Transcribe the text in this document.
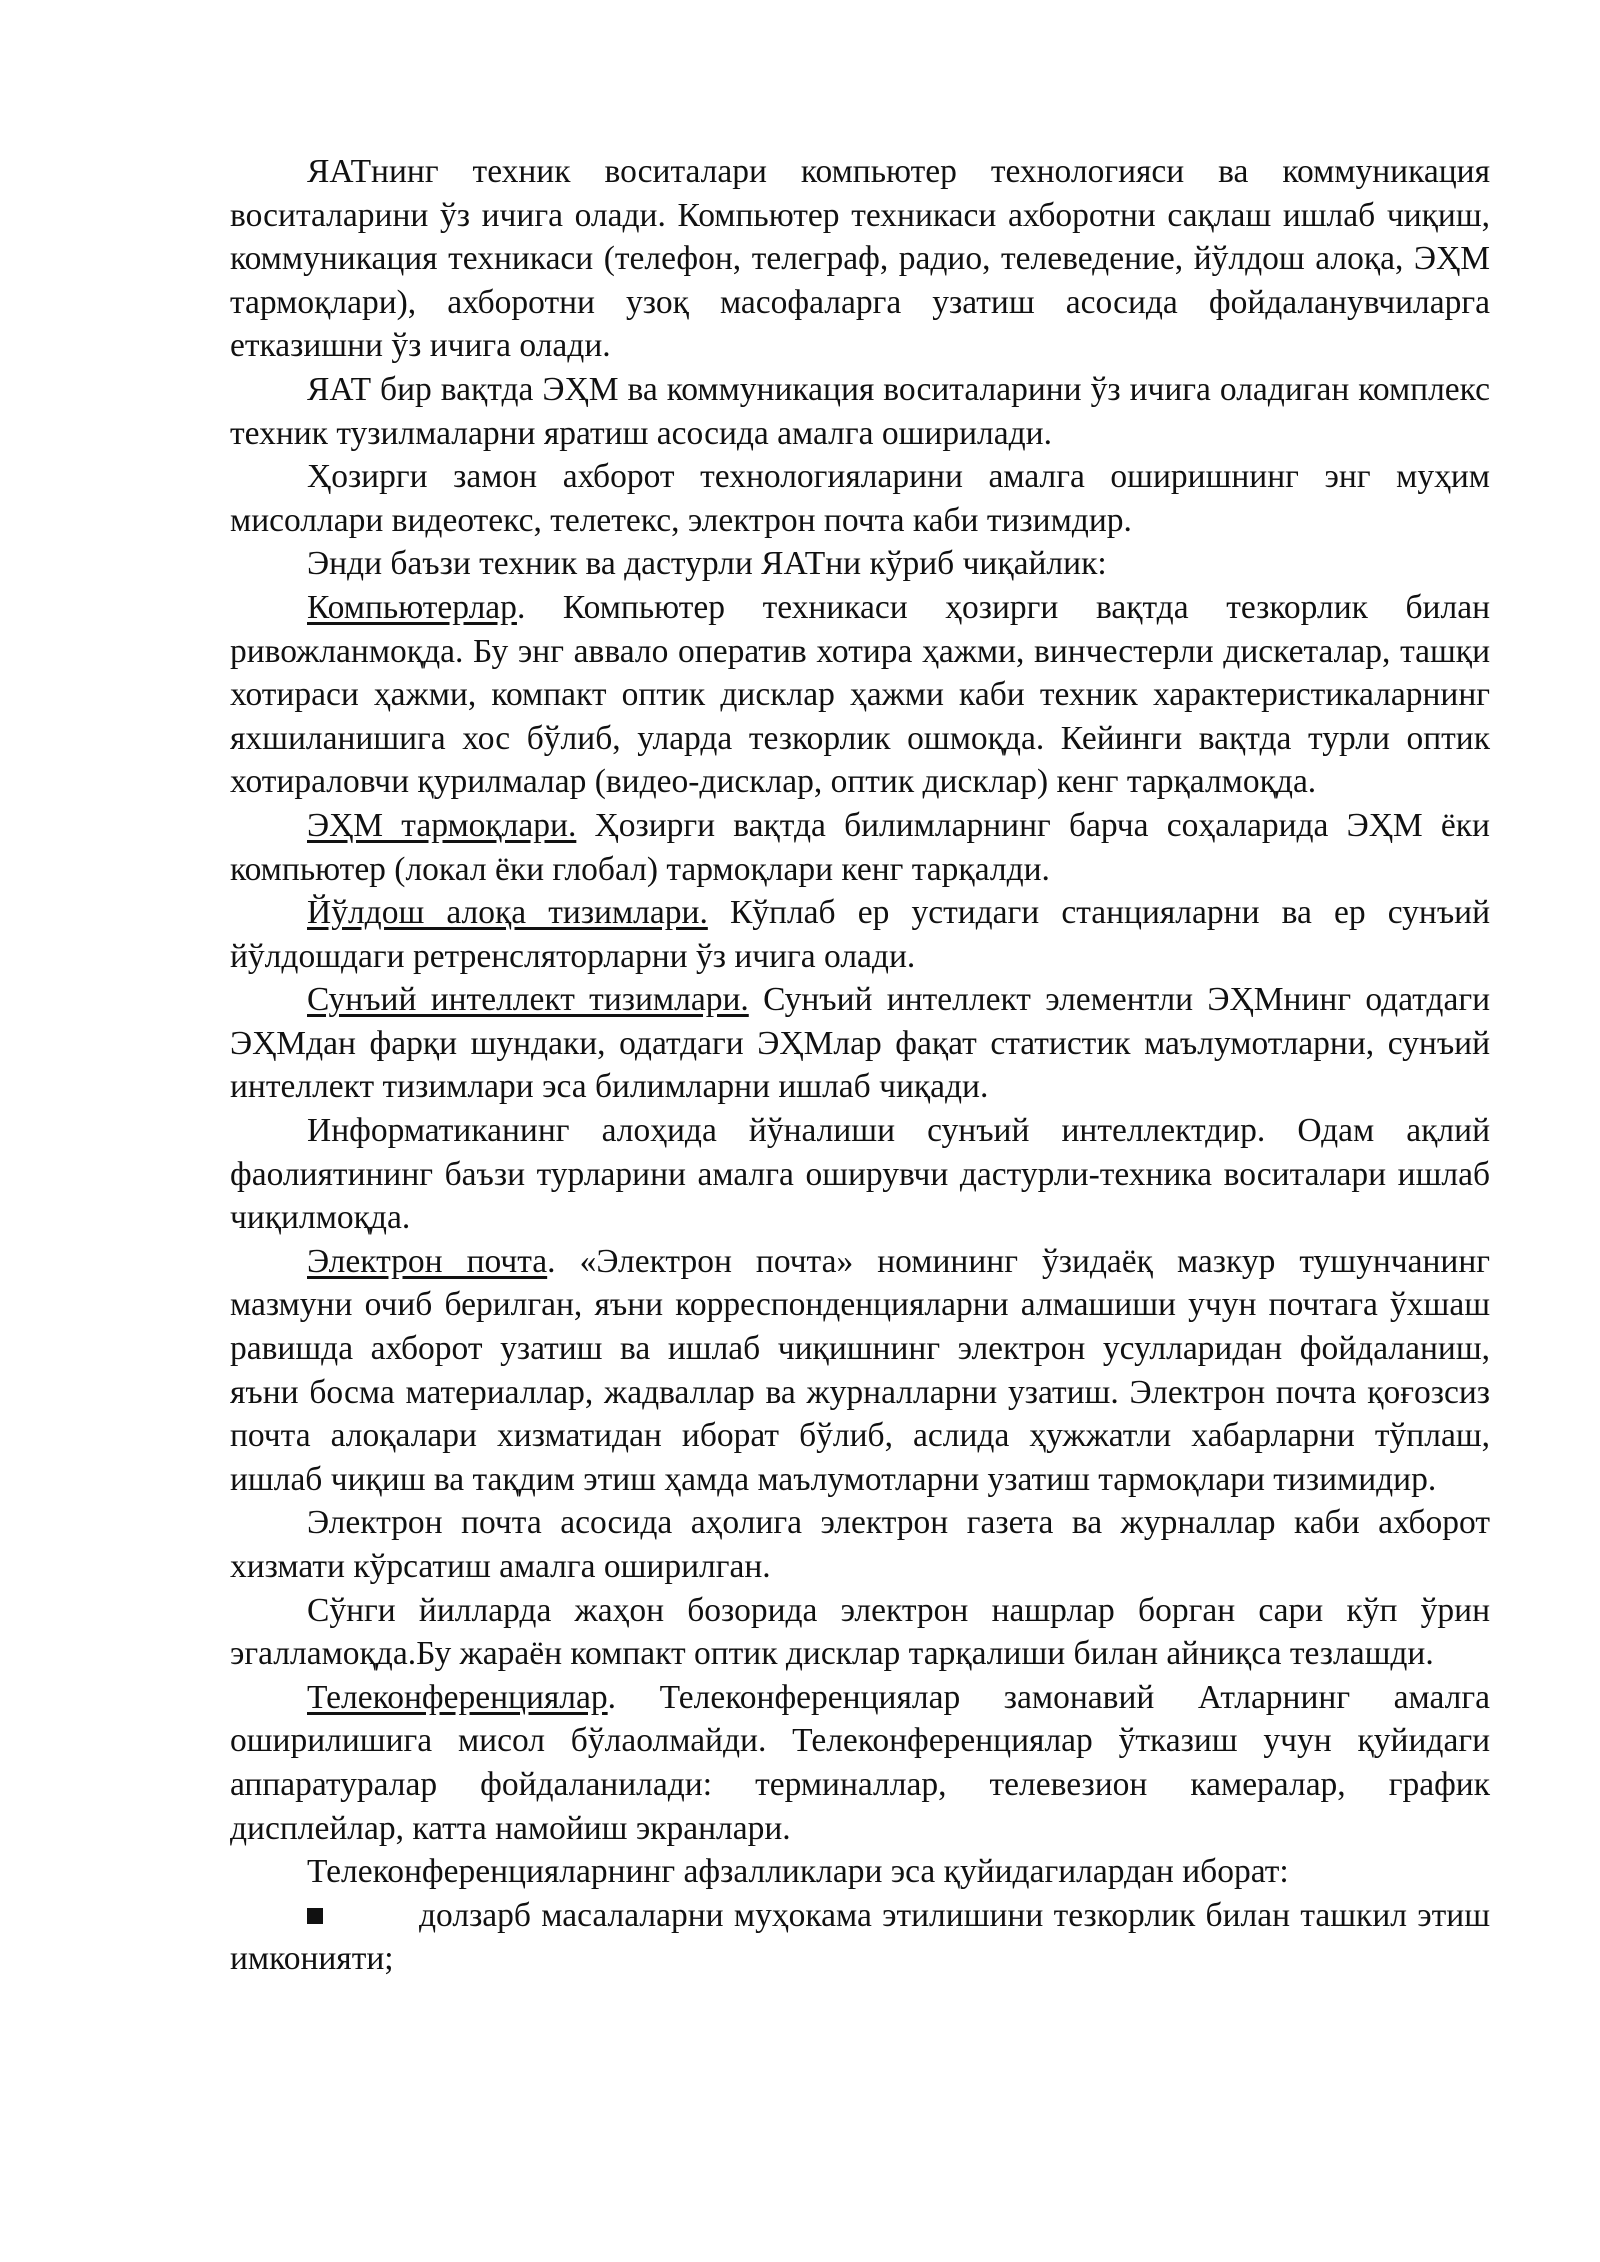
ЯАТнинг техник воситалари компьютер технологияси ва коммуникация воситаларини ўз ичига олади. Компьютер техникаси ахборотни сақлаш ишлаб чиқиш, коммуникация техникаси (телефон, телеграф, радио, телеведение, йўлдош алоқа, ЭҲМ тармоқлари), ахборотни узоқ масофаларга узатиш асосида фойдаланувчиларга етказишни ўз ичига олади.

ЯАТ бир вақтда ЭҲМ ва коммуникация воситаларини ўз ичига оладиган комплекс техник тузилмаларни яратиш асосида амалга оширилади.

Ҳозирги замон ахборот технологияларини амалга оширишнинг энг муҳим мисоллари видеотекс, телетекс, электрон почта каби тизимдир.

Энди баъзи техник ва дастурли ЯАТни кўриб чиқайлик:

Компьютерлар. Компьютер техникаси ҳозирги вақтда тезкорлик билан ривожланмоқда. Бу энг аввало оператив хотира ҳажми, винчестерли дискеталар, ташқи хотираси ҳажми, компакт оптик дисклар ҳажми каби техник характеристикаларнинг яхшиланишига хос бўлиб, уларда тезкорлик ошмоқда. Кейинги вақтда турли оптик хотираловчи қурилмалар (видео-дисклар, оптик дисклар) кенг тарқалмоқда.

ЭҲМ тармоқлари. Ҳозирги вақтда билимларнинг барча соҳаларида ЭҲМ ёки компьютер (локал ёки глобал) тармоқлари кенг тарқалди.

Йўлдош алоқа тизимлари. Кўплаб ер устидаги станцияларни ва ер сунъий йўлдошдаги ретренсляторларни ўз ичига олади.

Сунъий интеллект тизимлари. Сунъий интеллект элементли ЭҲМнинг одатдаги ЭҲМдан фарқи шундаки, одатдаги ЭҲМлар фақат статистик маълумотларни, сунъий интеллект тизимлари эса билимларни ишлаб чиқади.

Информатиканинг алоҳида йўналиши сунъий интеллектдир. Одам ақлий фаолиятининг баъзи турларини амалга оширувчи дастурли-техника воситалари ишлаб чиқилмоқда.

Электрон почта. «Электрон почта» номининг ўзидаёқ мазкур тушунчанинг мазмуни очиб берилган, яъни корреспонденцияларни алмашиши учун почтага ўхшаш равишда ахборот узатиш ва ишлаб чиқишнинг электрон усулларидан фойдаланиш, яъни босма материаллар, жадваллар ва журналларни узатиш. Электрон почта қоғозсиз почта алоқалари хизматидан иборат бўлиб, аслида ҳужжатли хабарларни тўплаш, ишлаб чиқиш ва тақдим этиш ҳамда маълумотларни узатиш тармоқлари тизимидир.

Электрон почта асосида аҳолига электрон газета ва журналлар каби ахборот хизмати кўрсатиш амалга оширилган.

Сўнги йилларда жаҳон бозорида электрон нашрлар борган сари кўп ўрин эгалламоқда.Бу жараён компакт оптик дисклар тарқалиши билан айниқса тезлашди.

Телеконференциялар. Телеконференциялар замонавий Атларнинг амалга оширилишига мисол бўлаолмайди. Телеконференциялар ўтказиш учун қуйидаги аппаратуралар фойдаланилади: терминаллар, телевезион камералар, график дисплейлар, катта намойиш экранлари.

Телеконференцияларнинг афзалликлари эса қуйидагилардан иборат:

долзарб масалаларни муҳокама этилишини тезкорлик билан ташкил этиш имконияти;
